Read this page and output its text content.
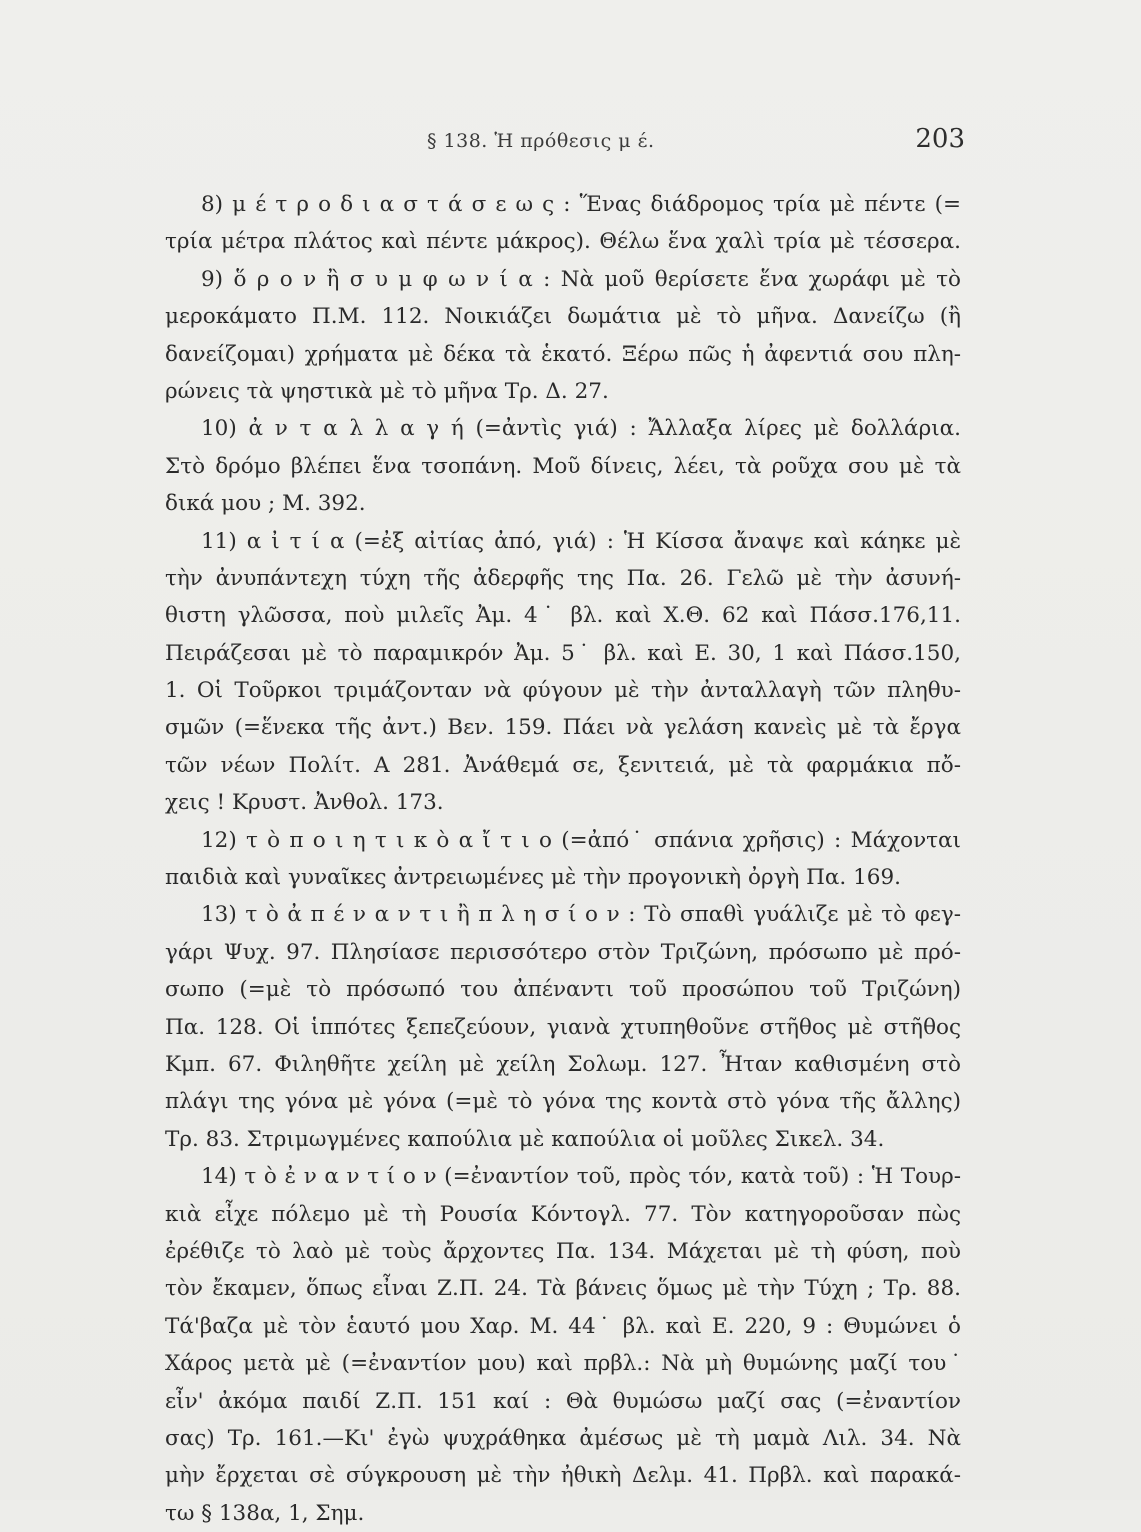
§ 138. Ἡ πρόθεσις μ έ.	203
8) μ έ τ ρ ο δ ι α σ τ ά σ ε ω ς : Ἕνας διάδρομος τρία μὲ πέντε (=
τρία μέτρα πλάτος καὶ πέντε μάκρος). Θέλω ἕνα χαλὶ τρία μὲ τέσσερα.
9) ὅ ρ ο ν ἢ σ υ μ φ ω ν ί α : Νὰ μοῦ θερίσετε ἕνα χωράφι μὲ τὸ
μεροκάματο Π.Μ. 112. Νοικιάζει δωμάτια μὲ τὸ μῆνα. Δανείζω (ἢ
δανείζομαι) χρήματα μὲ δέκα τὰ ἑκατό. Ξέρω πῶς ἡ ἀφεντιά σου πλη-
ρώνεις τὰ ψηστικὰ μὲ τὸ μῆνα Τρ. Δ. 27.
10) ἀ ν τ α λ λ α γ ή (=ἀντὶς γιά) : Ἄλλαξα λίρες μὲ δολλάρια.
Στὸ δρόμο βλέπει ἕνα τσοπάνη. Μοῦ δίνεις, λέει, τὰ ροῦχα σου μὲ τὰ
δικά μου ; Μ. 392.
11) α ἰ τ ί α (=ἐξ αἰτίας ἀπό, γιά) : Ἡ Κίσσα ἄναψε καὶ κάηκε μὲ
τὴν ἀνυπάντεχη τύχη τῆς ἀδερφῆς της Πα. 26. Γελῶ μὲ τὴν ἀσυνή-
θιστη γλῶσσα, ποὺ μιλεῖς Ἀμ. 4˙ βλ. καὶ Χ.Θ. 62 καὶ Πάσσ.176,11.
Πειράζεσαι μὲ τὸ παραμικρόν Ἀμ. 5˙ βλ. καὶ Ε. 30, 1 καὶ Πάσσ.150,
1. Οἱ Τοῦρκοι τριμάζονταν νὰ φύγουν μὲ τὴν ἀνταλλαγὴ τῶν πληθυ-
σμῶν (=ἕνεκα τῆς ἀντ.) Βεν. 159. Πάει νὰ γελάση κανεὶς μὲ τὰ ἔργα
τῶν νέων Πολίτ. Α 281. Ἀνάθεμά σε, ξενιτειά, μὲ τὰ φαρμάκια πὄ-
χεις ! Κρυστ. Ἀνθολ. 173.
12) τ ὸ π ο ι η τ ι κ ὸ α ἴ τ ι ο (=ἀπό˙ σπάνια χρῆσις) : Μάχονται
παιδιὰ καὶ γυναῖκες ἀντρειωμένες μὲ τὴν προγονικὴ ὀργὴ Πα. 169.
13) τ ὸ ἀ π έ ν α ν τ ι ἢ π λ η σ ί ο ν : Τὸ σπαθὶ γυάλιζε μὲ τὸ φεγ-
γάρι Ψυχ. 97. Πλησίασε περισσότερο στὸν Τριζώνη, πρόσωπο μὲ πρό-
σωπο (=μὲ τὸ πρόσωπό του ἀπέναντι τοῦ προσώπου τοῦ Τριζώνη)
Πα. 128. Οἱ ἱππότες ξεπεζεύουν, γιανὰ χτυπηθοῦνε στῆθος μὲ στῆθος
Κμπ. 67. Φιληθῆτε χείλη μὲ χείλη Σολωμ. 127. Ἦταν καθισμένη στὸ
πλάγι της γόνα μὲ γόνα (=μὲ τὸ γόνα της κοντὰ στὸ γόνα τῆς ἄλλης)
Τρ. 83. Στριμωγμένες καπούλια μὲ καπούλια οἱ μοῦλες Σικελ. 34.
14) τ ὸ ἐ ν α ν τ ί ο ν (=ἐναντίον τοῦ, πρὸς τόν, κατὰ τοῦ) : Ἡ Τουρ-
κιὰ εἶχε πόλεμο μὲ τὴ Ρουσία Κόντογλ. 77. Τὸν κατηγοροῦσαν πὼς
ἐρέθιζε τὸ λαὸ μὲ τοὺς ἄρχοντες Πα. 134. Μάχεται μὲ τὴ φύση, ποὺ
τὸν ἔκαμεν, ὅπως εἶναι Ζ.Π. 24. Τὰ βάνεις ὅμως μὲ τὴν Τύχη ; Τρ. 88.
Τά'βαζα μὲ τὸν ἑαυτό μου Χαρ. Μ. 44˙ βλ. καὶ Ε. 220, 9 : Θυμώνει ὁ
Χάρος μετὰ μὲ (=ἐναντίον μου) καὶ πρβλ.: Νὰ μὴ θυμώνης μαζί του˙
εἶν' ἀκόμα παιδί Ζ.Π. 151 καί : Θὰ θυμώσω μαζί σας (=ἐναντίον
σας) Τρ. 161.—Κι' ἐγὼ ψυχράθηκα ἀμέσως μὲ τὴ μαμὰ Λιλ. 34. Νὰ
μὴν ἔρχεται σὲ σύγκρουση μὲ τὴν ἠθικὴ Δελμ. 41. Πρβλ. καὶ παρακά-
τω § 138α, 1, Σημ.
